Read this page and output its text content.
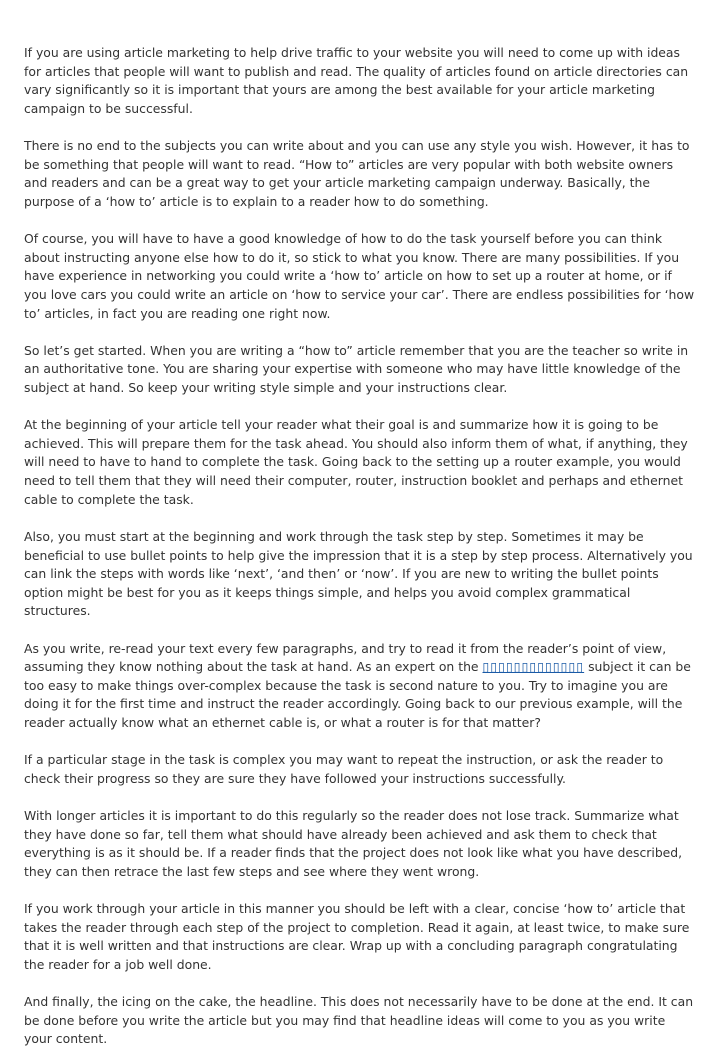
If you are using article marketing to help drive traffic to your website you will need to come up with ideas for articles that people will want to publish and read. The quality of articles found on article directories can vary significantly so it is important that yours are among the best available for your article marketing campaign to be successful.

There is no end to the subjects you can write about and you can use any style you wish. However, it has to be something that people will want to read. “How to” articles are very popular with both website owners and readers and can be a great way to get your article marketing campaign underway. Basically, the purpose of a ‘how to’ article is to explain to a reader how to do something.

Of course, you will have to have a good knowledge of how to do the task yourself before you can think about instructing anyone else how to do it, so stick to what you know. There are many possibilities. If you have experience in networking you could write a ‘how to’ article on how to set up a router at home, or if you love cars you could write an article on ‘how to service your car’. There are endless possibilities for ‘how to’ articles, in fact you are reading one right now.

So let’s get started. When you are writing a “how to” article remember that you are the teacher so write in an authoritative tone. You are sharing your expertise with someone who may have little knowledge of the subject at hand. So keep your writing style simple and your instructions clear.

At the beginning of your article tell your reader what their goal is and summarize how it is going to be achieved. This will prepare them for the task ahead. You should also inform them of what, if anything, they will need to have to hand to complete the task. Going back to the setting up a router example, you would need to tell them that they will need their computer, router, instruction booklet and perhaps and ethernet cable to complete the task.

Also, you must start at the beginning and work through the task step by step. Sometimes it may be beneficial to use bullet points to help give the impression that it is a step by step process. Alternatively you can link the steps with words like ‘next’, ‘and then’ or ‘now’. If you are new to writing the bullet points option might be best for you as it keeps things simple, and helps you avoid complex grammatical structures.

As you write, re-read your text every few paragraphs, and try to read it from the reader’s point of view, assuming they know nothing about the task at hand. As an expert on the ▯▯▯▯▯▯▯▯▯▯▯▯▯ subject it can be too easy to make things over-complex because the task is second nature to you. Try to imagine you are doing it for the first time and instruct the reader accordingly. Going back to our previous example, will the reader actually know what an ethernet cable is, or what a router is for that matter?

If a particular stage in the task is complex you may want to repeat the instruction, or ask the reader to check their progress so they are sure they have followed your instructions successfully.

With longer articles it is important to do this regularly so the reader does not lose track. Summarize what they have done so far, tell them what should have already been achieved and ask them to check that everything is as it should be. If a reader finds that the project does not look like what you have described, they can then retrace the last few steps and see where they went wrong.

If you work through your article in this manner you should be left with a clear, concise ‘how to’ article that takes the reader through each step of the project to completion. Read it again, at least twice, to make sure that it is well written and that instructions are clear. Wrap up with a concluding paragraph congratulating the reader for a job well done.

And finally, the icing on the cake, the headline. This does not necessarily have to be done at the end. It can be done before you write the article but you may find that headline ideas will come to you as you write your content.
